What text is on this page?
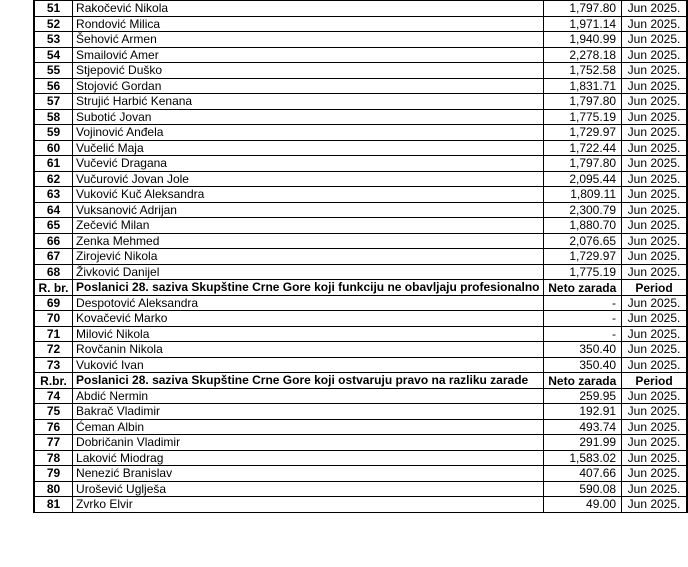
51	Rakočević Nikola	1,797.80	Jun 2025.
52	Rondović Milica	1,971.14	Jun 2025.
53	Šehović Armen	1,940.99	Jun 2025.
54	Smailović Amer	2,278.18	Jun 2025.
55	Stjepović Duško	1,752.58	Jun 2025.
56	Stojović Gordan	1,831.71	Jun 2025.
57	Strujić Harbić Kenana	1,797.80	Jun 2025.
58	Subotić Jovan	1,775.19	Jun 2025.
59	Vojinović Anđela	1,729.97	Jun 2025.
60	Vučelić Maja	1,722.44	Jun 2025.
61	Vučević Dragana	1,797.80	Jun 2025.
62	Vučurović Jovan Jole	2,095.44	Jun 2025.
63	Vuković Kuč Aleksandra	1,809.11	Jun 2025.
64	Vuksanović Adrijan	2,300.79	Jun 2025.
65	Zečević Milan	1,880.70	Jun 2025.
66	Zenka Mehmed	2,076.65	Jun 2025.
67	Zirojević Nikola	1,729.97	Jun 2025.
68	Živković Danijel	1,775.19	Jun 2025.
R. br.	Poslanici 28. saziva Skupštine Crne Gore koji funkciju ne obavljaju profesionalno	Neto zarada	Period
69	Despotović Aleksandra	-	Jun 2025.
70	Kovačević Marko	-	Jun 2025.
71	Milović Nikola	-	Jun 2025.
72	Rovčanin Nikola	350.40	Jun 2025.
73	Vuković Ivan	350.40	Jun 2025.
R.br.	Poslanici 28. saziva Skupštine Crne Gore koji ostvaruju pravo na razliku zarade	Neto zarada	Period
74	Abdić Nermin	259.95	Jun 2025.
75	Bakrač Vladimir	192.91	Jun 2025.
76	Ćeman Albin	493.74	Jun 2025.
77	Dobričanin Vladimir	291.99	Jun 2025.
78	Laković Miodrag	1,583.02	Jun 2025.
79	Nenezić Branislav	407.66	Jun 2025.
80	Urošević Uglješa	590.08	Jun 2025.
81	Zvrko Elvir	49.00	Jun 2025.
